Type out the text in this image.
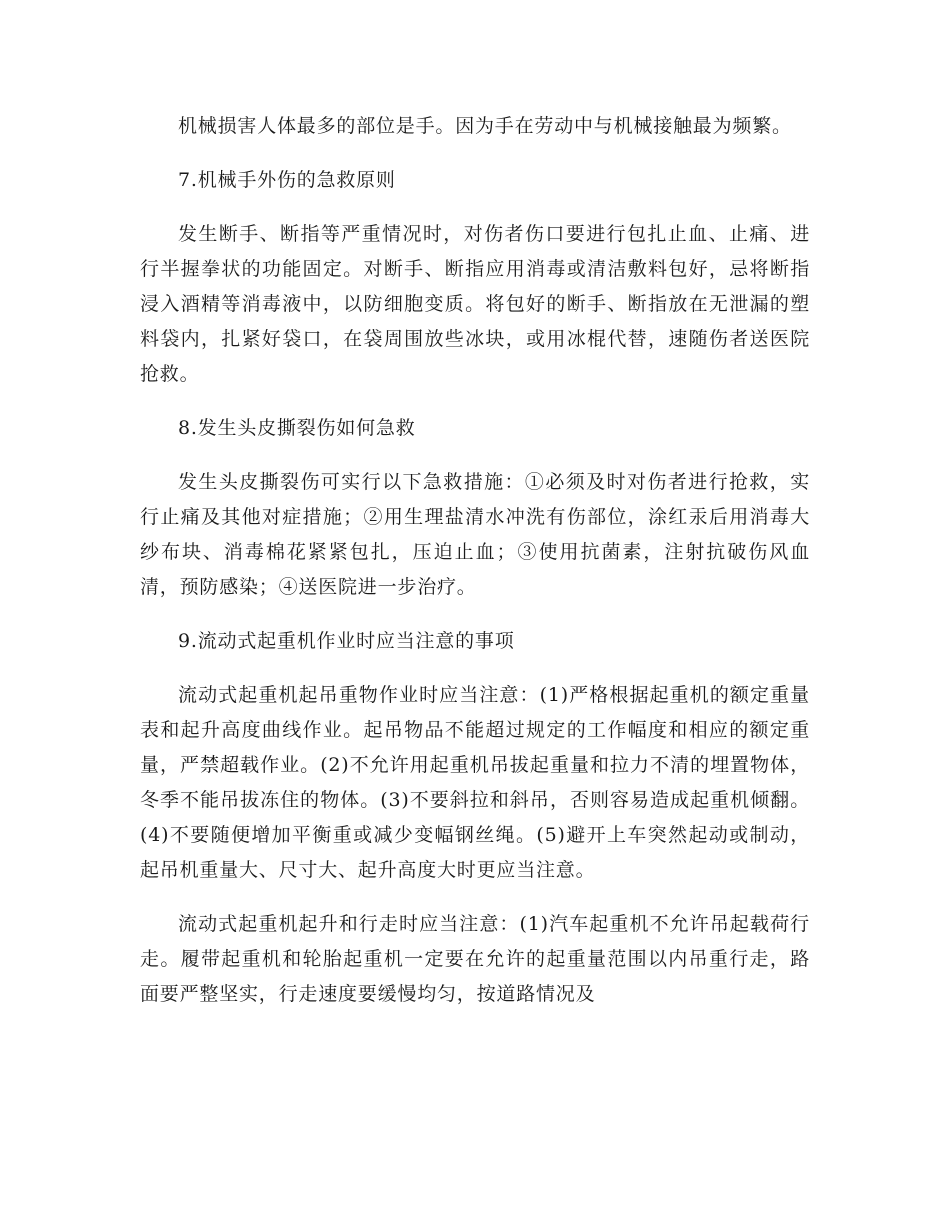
机械损害人体最多的部位是手。因为手在劳动中与机械接触最为频繁。

7.机械手外伤的急救原则

发生断手、断指等严重情况时，对伤者伤口要进行包扎止血、止痛、进行半握拳状的功能固定。对断手、断指应用消毒或清洁敷料包好，忌将断指浸入酒精等消毒液中，以防细胞变质。将包好的断手、断指放在无泄漏的塑料袋内，扎紧好袋口，在袋周围放些冰块，或用冰棍代替，速随伤者送医院抢救。

8.发生头皮撕裂伤如何急救

发生头皮撕裂伤可实行以下急救措施：①必须及时对伤者进行抢救，实行止痛及其他对症措施；②用生理盐清水冲洗有伤部位，涂红汞后用消毒大纱布块、消毒棉花紧紧包扎，压迫止血；③使用抗菌素，注射抗破伤风血清，预防感染；④送医院进一步治疗。

9.流动式起重机作业时应当注意的事项

流动式起重机起吊重物作业时应当注意：(1)严格根据起重机的额定重量表和起升高度曲线作业。起吊物品不能超过规定的工作幅度和相应的额定重量，严禁超载作业。(2)不允许用起重机吊拔起重量和拉力不清的埋置物体，冬季不能吊拔冻住的物体。(3)不要斜拉和斜吊，否则容易造成起重机倾翻。(4)不要随便增加平衡重或减少变幅钢丝绳。(5)避开上车突然起动或制动，起吊机重量大、尺寸大、起升高度大时更应当注意。

流动式起重机起升和行走时应当注意：(1)汽车起重机不允许吊起载荷行走。履带起重机和轮胎起重机一定要在允许的起重量范围以内吊重行走，路面要严整坚实，行走速度要缓慢均匀，按道路情况及
